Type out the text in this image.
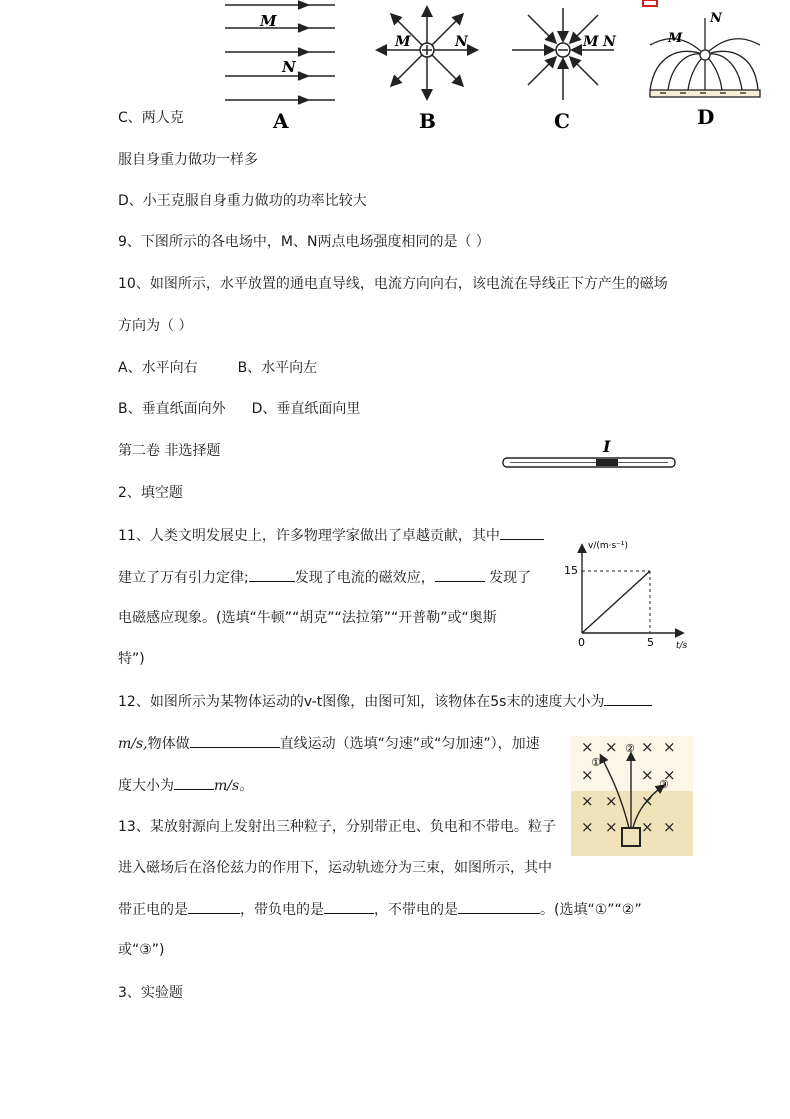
M
N
M	N	M N	M
N
A	B	C	D
C、两人克
服自身重力做功一样多
D、小王克服自身重力做功的功率比较大
9、下图所示的各电场中，M、N两点电场强度相同的是（ ）
10、如图所示，水平放置的通电直导线，电流方向向右，该电流在导线正下方产生的磁场
方向为（ ）
A、水平向右	B、水平向左
B、垂直纸面向外 D、垂直纸面向里
第二卷 非选择题	I
2、填空题
11、人类文明发展史上，许多物理学家做出了卓越贡献，其中
建立了万有引力定律;	发现了电流的磁效应，	发现了
电磁感应现象。(选填“牛顿”“胡克”“法拉第”“开普勒”或“奥斯
特”)
v/(m·s⁻¹)
15
0	5 t/s
12、如图所示为某物体运动的v-t图像，由图可知，该物体在5s末的速度大小为
m/s,物体做	直线运动（选填“匀速”或“匀加速”），加速
度大小为	m/s。
× × × ×
×	× ×
× × ×
× × × ×
①
②
③
13、某放射源向上发射出三种粒子，分别带正电、负电和不带电。粒子
进入磁场后在洛伦兹力的作用下，运动轨迹分为三束，如图所示，其中
带正电的是	，带负电的是	，不带电的是	。(选填“①”“②”
或“③”)
3、实验题
